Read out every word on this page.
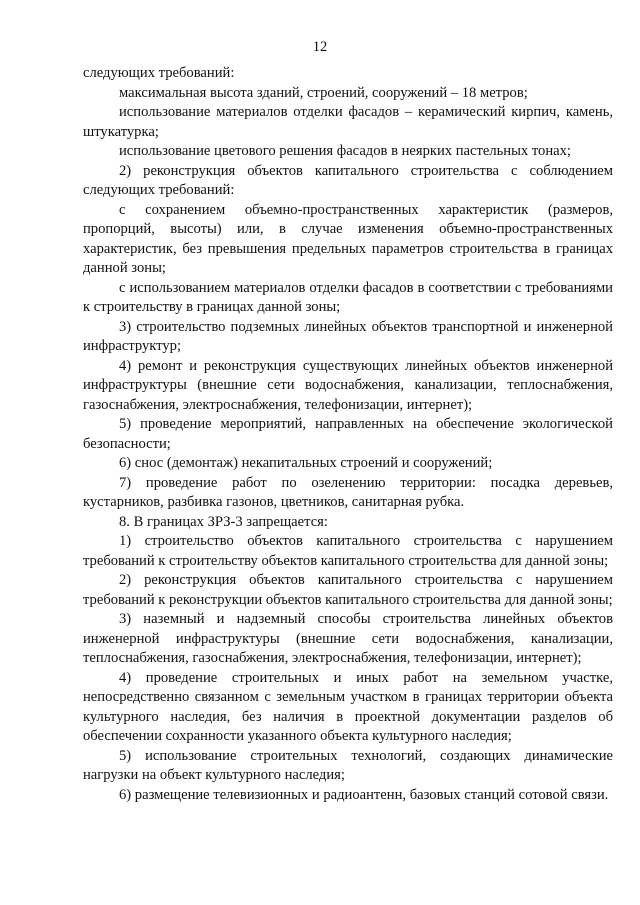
12

следующих требований:

максимальная высота зданий, строений, сооружений – 18 метров;

использование материалов отделки фасадов – керамический кирпич, камень, штукатурка;

использование цветового решения фасадов в неярких пастельных тонах;

2) реконструкция объектов капитального строительства с соблюдением следующих требований:

с сохранением объемно-пространственных характеристик (размеров, пропорций, высоты) или, в случае изменения объемно-пространственных характеристик, без превышения предельных параметров строительства в границах данной зоны;

с использованием материалов отделки фасадов в соответствии с требованиями к строительству в границах данной зоны;

3) строительство подземных линейных объектов транспортной и инженерной инфраструктур;

4) ремонт и реконструкция существующих линейных объектов инженерной инфраструктуры (внешние сети водоснабжения, канализации, теплоснабжения, газоснабжения, электроснабжения, телефонизации, интернет);

5) проведение мероприятий, направленных на обеспечение экологической безопасности;

6) снос (демонтаж) некапитальных строений и сооружений;

7) проведение работ по озеленению территории: посадка деревьев, кустарников, разбивка газонов, цветников, санитарная рубка.

8. В границах ЗРЗ-3 запрещается:

1) строительство объектов капитального строительства с нарушением требований к строительству объектов капитального строительства для данной зоны;

2) реконструкция объектов капитального строительства с нарушением требований к реконструкции объектов капитального строительства для данной зоны;

3) наземный и надземный способы строительства линейных объектов инженерной инфраструктуры (внешние сети водоснабжения, канализации, теплоснабжения, газоснабжения, электроснабжения, телефонизации, интернет);

4) проведение строительных и иных работ на земельном участке, непосредственно связанном с земельным участком в границах территории объекта культурного наследия, без наличия в проектной документации разделов об обеспечении сохранности указанного объекта культурного наследия;

5) использование строительных технологий, создающих динамические нагрузки на объект культурного наследия;

6) размещение телевизионных и радиоантенн, базовых станций сотовой связи.
